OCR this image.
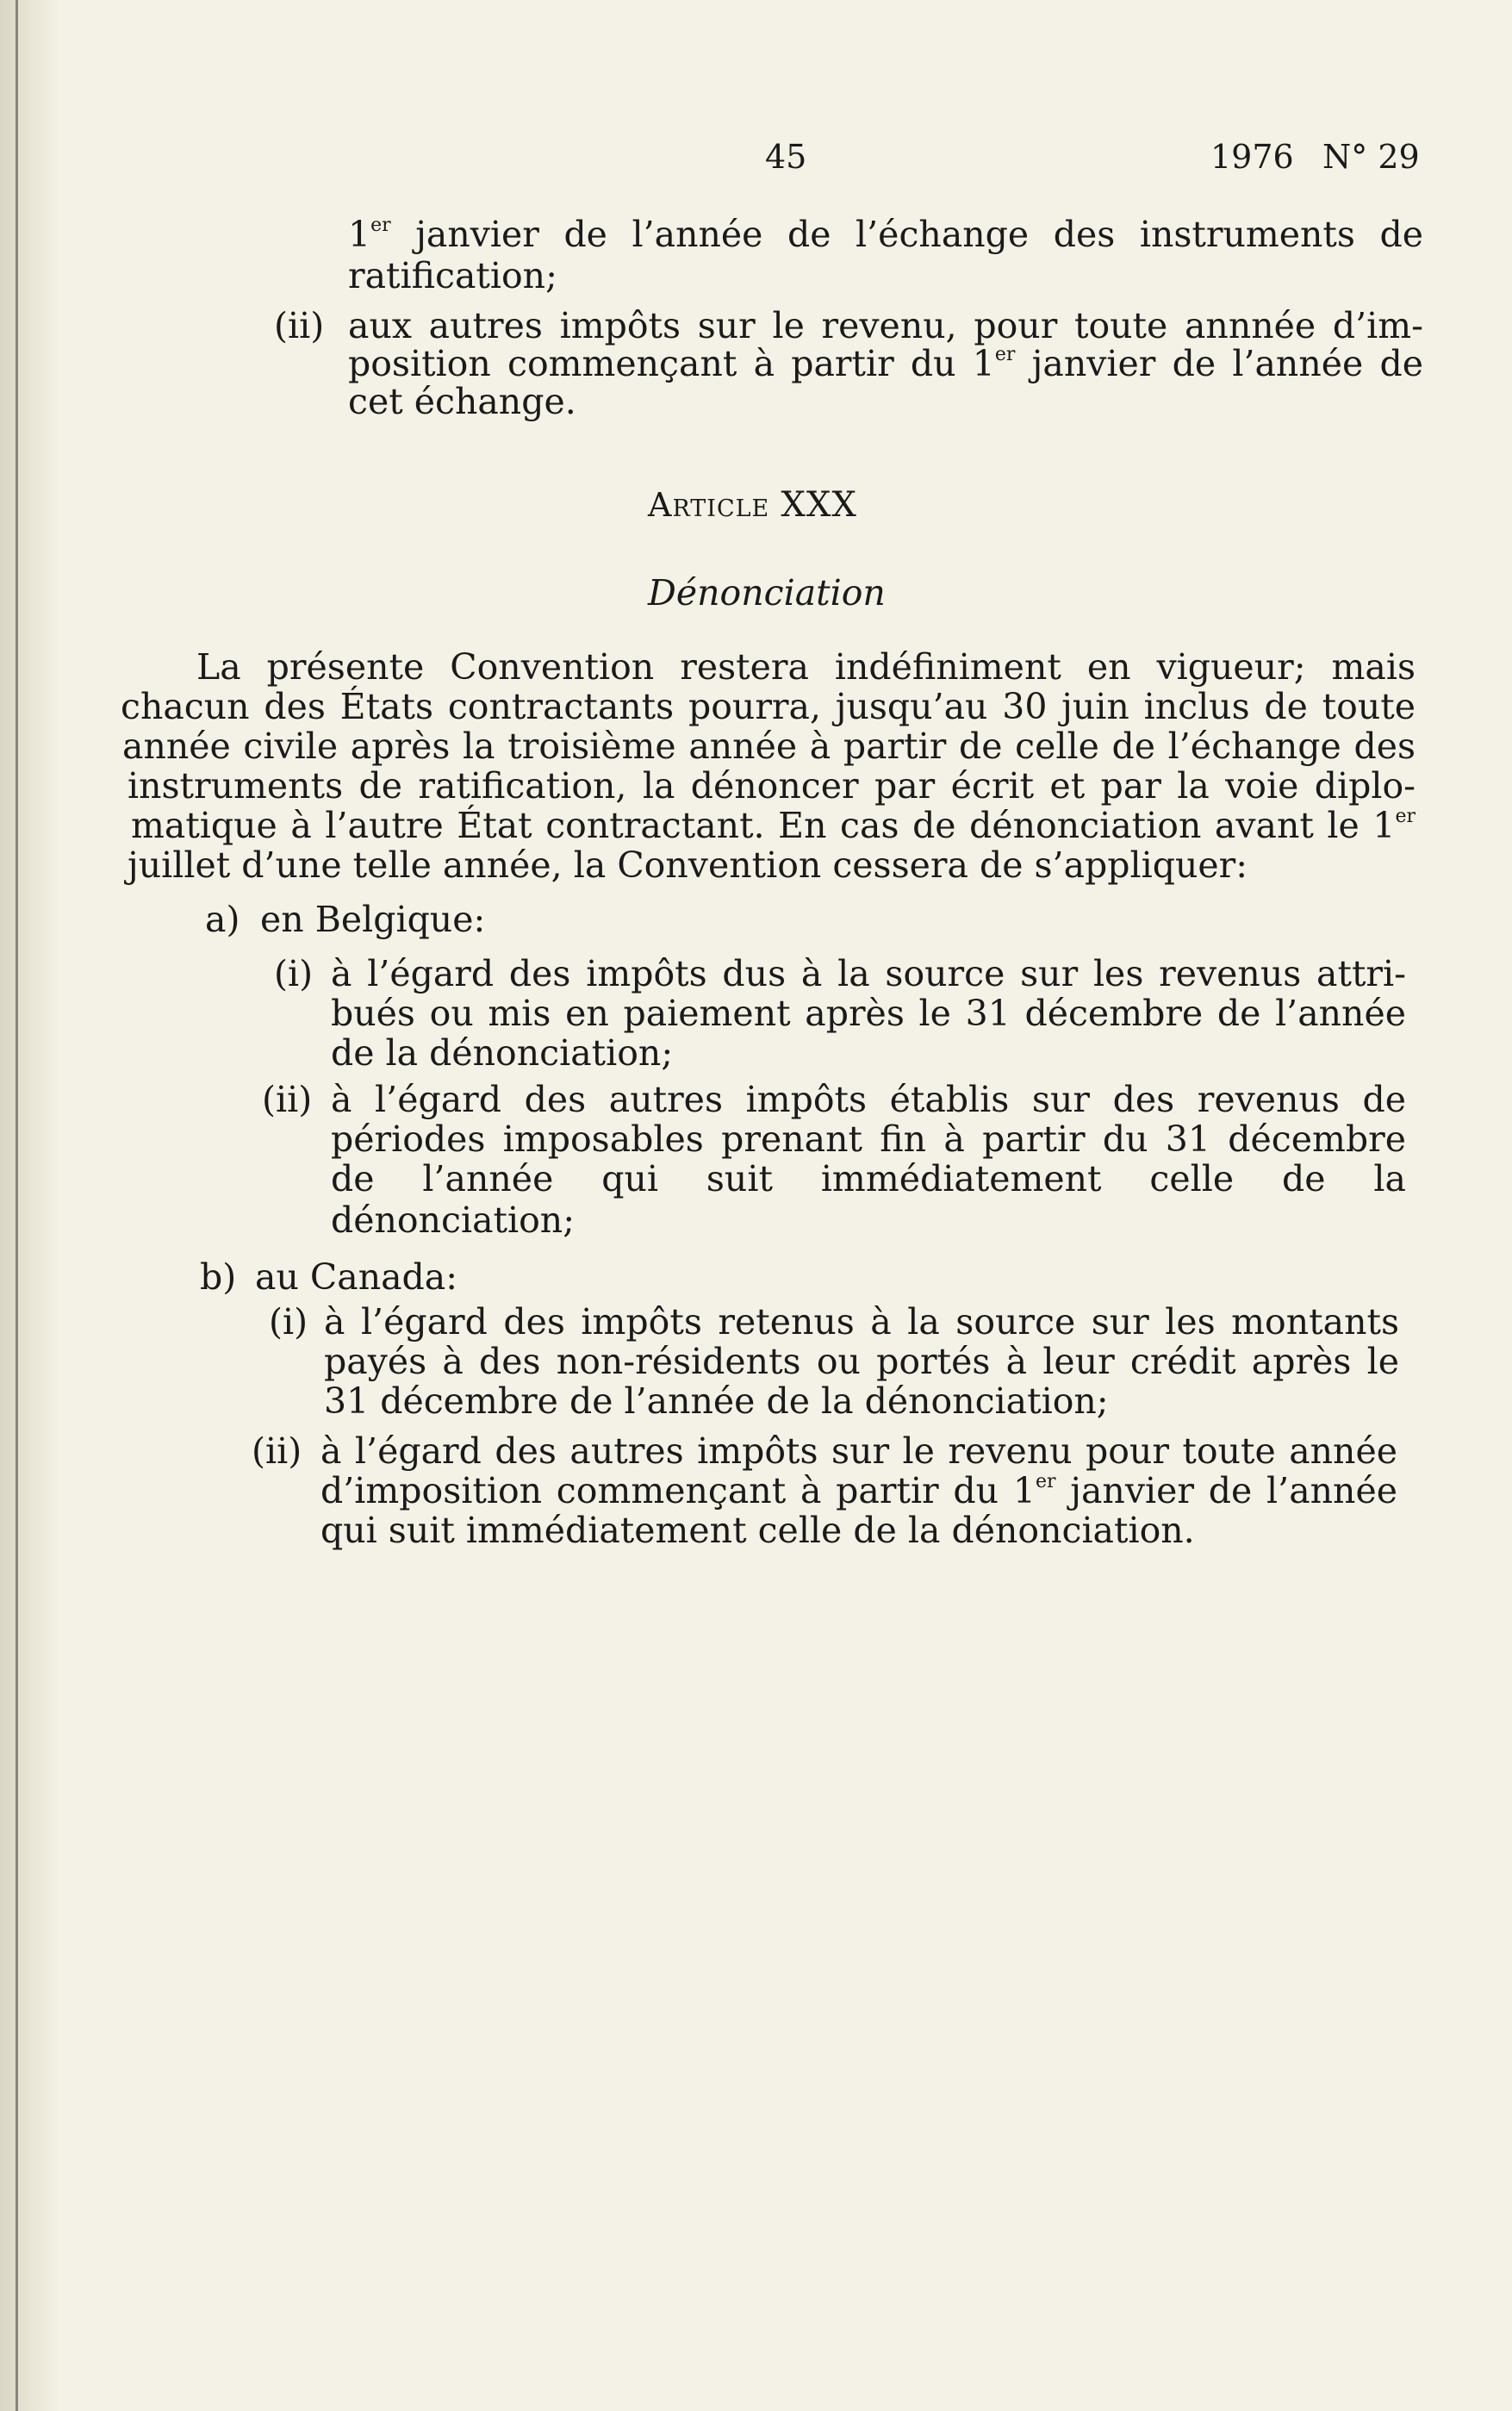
45	1976 N° 29
1er janvier de l’année de l’échange des instruments de
ratification;
(ii) aux autres impôts sur le revenu, pour toute annnée d’im-
position commençant à partir du 1er janvier de l’année de
cet échange.
Article XXX
Dénonciation
La présente Convention restera indéfiniment en vigueur; mais
chacun des États contractants pourra, jusqu’au 30 juin inclus de toute
année civile après la troisième année à partir de celle de l’échange des
instruments de ratification, la dénoncer par écrit et par la voie diplo-
matique à l’autre État contractant. En cas de dénonciation avant le 1er
juillet d’une telle année, la Convention cessera de s’appliquer:
a) en Belgique:
(i) à l’égard des impôts dus à la source sur les revenus attri-
bués ou mis en paiement après le 31 décembre de l’année
de la dénonciation;
(ii) à l’égard des autres impôts établis sur des revenus de
périodes imposables prenant fin à partir du 31 décembre
de l’année qui suit immédiatement celle de la
dénonciation;
b) au Canada:
(i) à l’égard des impôts retenus à la source sur les montants
payés à des non-résidents ou portés à leur crédit après le
31 décembre de l’année de la dénonciation;
(ii) à l’égard des autres impôts sur le revenu pour toute année
d’imposition commençant à partir du 1er janvier de l’année
qui suit immédiatement celle de la dénonciation.
